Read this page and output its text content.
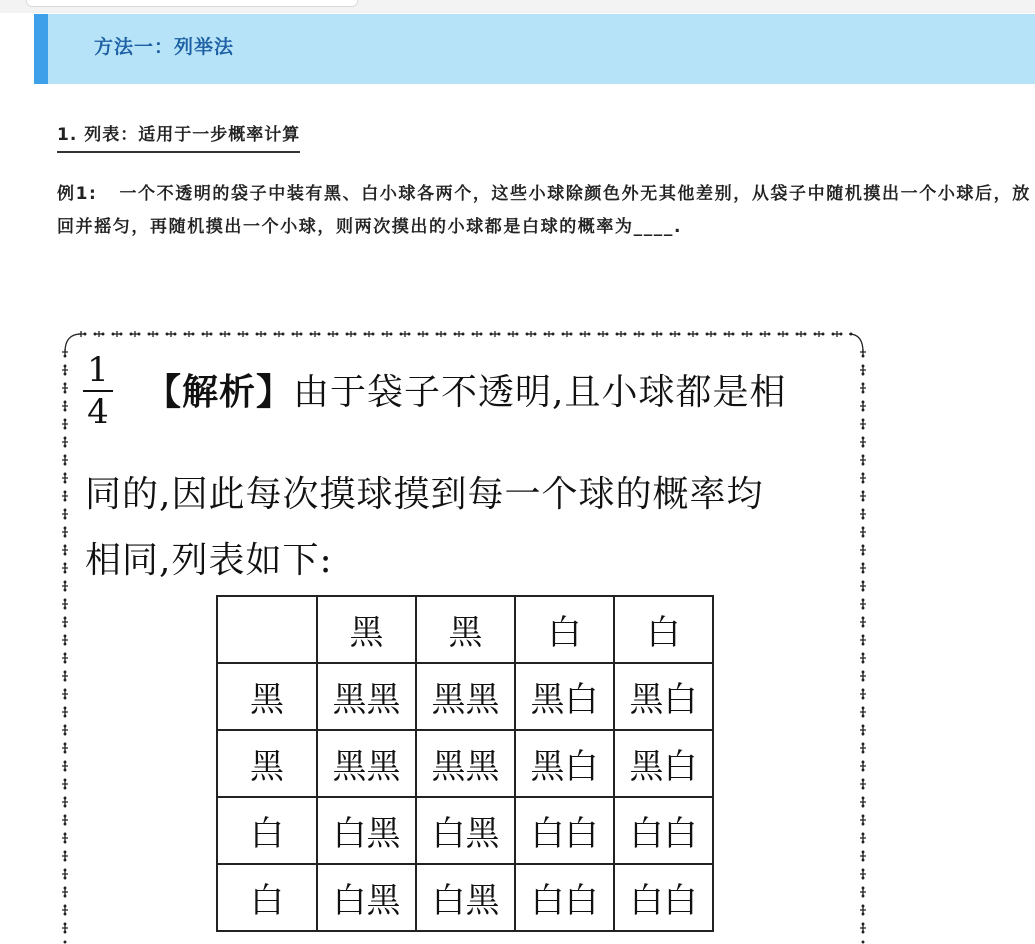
方法一：列举法
1. 列表：适用于一步概率计算
例1: 一个不透明的袋子中装有黑、白小球各两个，这些小球除颜色外无其他差别，从袋子中随机摸出一个小球后，放回并摇匀，再随机摸出一个小球，则两次摸出的小球都是白球的概率为____.
1
4 【解析】由于袋子不透明,且小球都是相
同的,因此每次摸球摸到每一个球的概率均
相同,列表如下:
	黑	黑	白	白
黑	黑黑	黑黑	黑白	黑白
黑	黑黑	黑黑	黑白	黑白
白	白黑	白黑	白白	白白
白	白黑	白黑	白白	白白
